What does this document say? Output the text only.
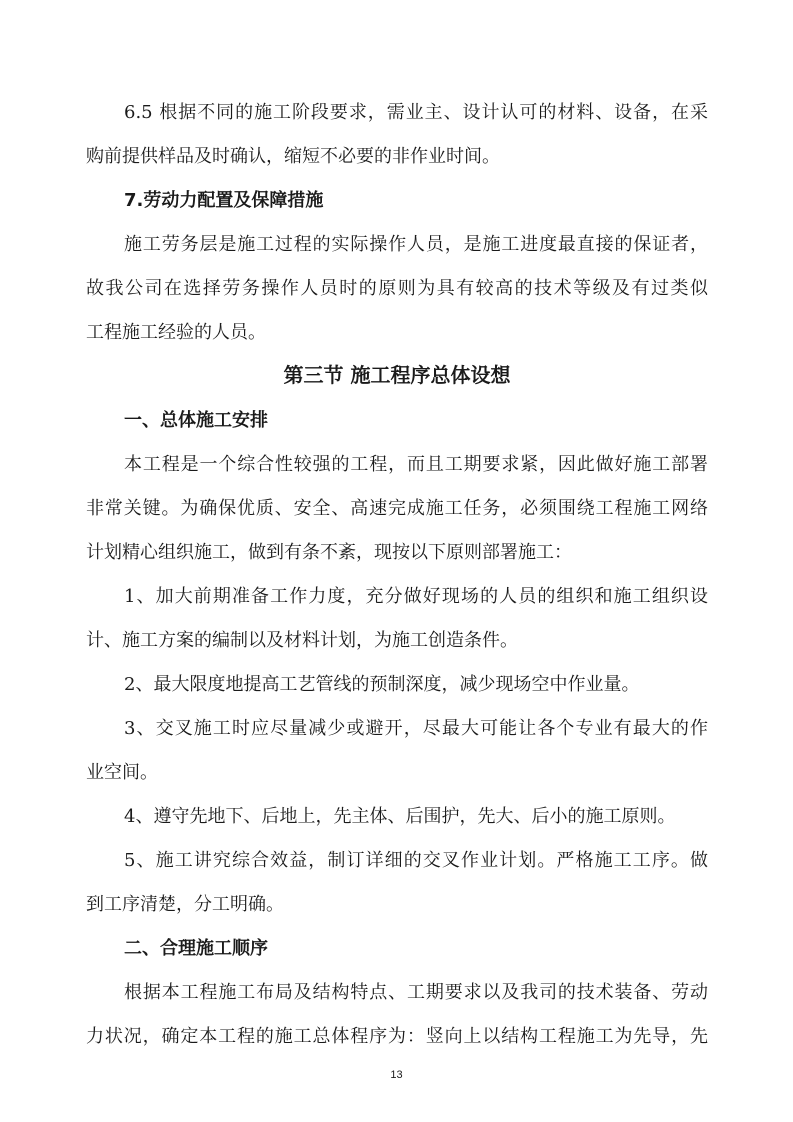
6.5 根据不同的施工阶段要求，需业主、设计认可的材料、设备，在采
购前提供样品及时确认，缩短不必要的非作业时间。
7.劳动力配置及保障措施
施工劳务层是施工过程的实际操作人员，是施工进度最直接的保证者，
故我公司在选择劳务操作人员时的原则为具有较高的技术等级及有过类似
工程施工经验的人员。
第三节 施工程序总体设想
一、总体施工安排
本工程是一个综合性较强的工程，而且工期要求紧，因此做好施工部署
非常关键。为确保优质、安全、高速完成施工任务，必须围绕工程施工网络
计划精心组织施工，做到有条不紊，现按以下原则部署施工：
1、加大前期准备工作力度，充分做好现场的人员的组织和施工组织设
计、施工方案的编制以及材料计划，为施工创造条件。
2、最大限度地提高工艺管线的预制深度，减少现场空中作业量。
3、交叉施工时应尽量减少或避开，尽最大可能让各个专业有最大的作
业空间。
4、遵守先地下、后地上，先主体、后围护，先大、后小的施工原则。
5、施工讲究综合效益，制订详细的交叉作业计划。严格施工工序。做
到工序清楚，分工明确。
二、合理施工顺序
根据本工程施工布局及结构特点、工期要求以及我司的技术装备、劳动
力状况，确定本工程的施工总体程序为：竖向上以结构工程施工为先导，先
13
